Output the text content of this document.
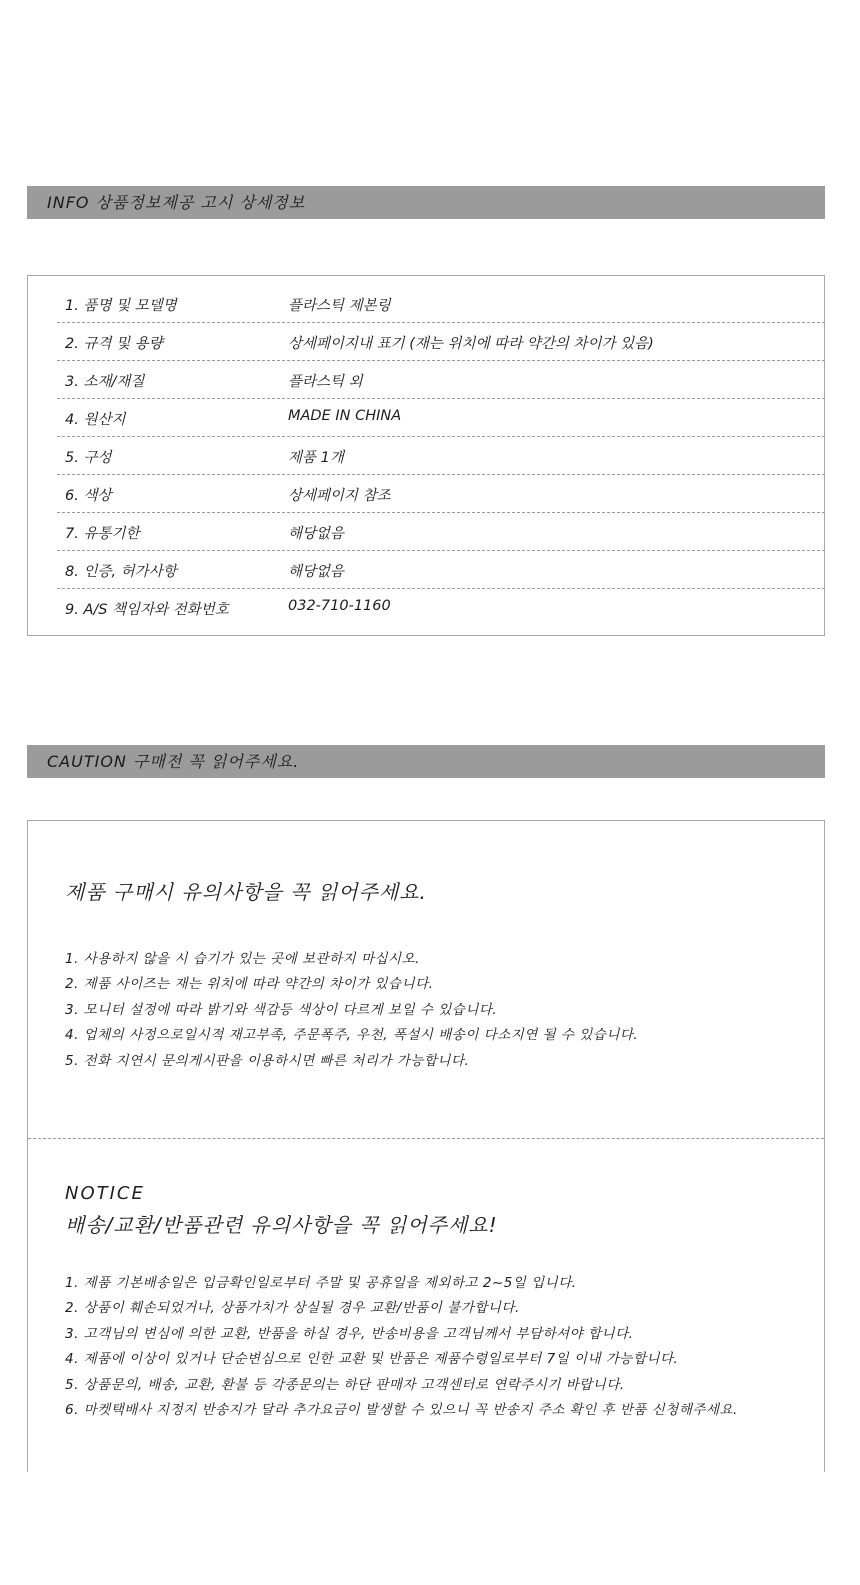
INFO 상품정보제공 고시 상세정보
1. 품명 및 모델명	플라스틱 제본링
2. 규격 및 용량	상세페이지내 표기 (재는 위치에 따라 약간의 차이가 있음)
3. 소재/재질	플라스틱 외
4. 원산지	MADE IN CHINA
5. 구성	제품 1개
6. 색상	상세페이지 참조
7. 유통기한	해당없음
8. 인증, 허가사항	해당없음
9. A/S 책임자와 전화번호	032-710-1160
CAUTION 구매전 꼭 읽어주세요.
제품 구매시 유의사항을 꼭 읽어주세요.
1. 사용하지 않을 시 습기가 있는 곳에 보관하지 마십시오.
2. 제품 사이즈는 재는 위치에 따라 약간의 차이가 있습니다.
3. 모니터 설정에 따라 밝기와 색감등 색상이 다르게 보일 수 있습니다.
4. 업체의 사정으로일시적 재고부족, 주문폭주, 우천, 폭설시 배송이 다소지연 될 수 있습니다.
5. 전화 지연시 문의게시판을 이용하시면 빠른 처리가 가능합니다.
NOTICE
배송/교환/반품관련 유의사항을 꼭 읽어주세요!
1. 제품 기본배송일은 입금확인일로부터 주말 및 공휴일을 제외하고 2~5일 입니다.
2. 상품이 훼손되었거나, 상품가치가 상실될 경우 교환/반품이 불가합니다.
3. 고객님의 변심에 의한 교환, 반품을 하실 경우, 반송비용을 고객님께서 부담하셔야 합니다.
4. 제품에 이상이 있거나 단순변심으로 인한 교환 및 반품은 제품수령일로부터 7일 이내 가능합니다.
5. 상품문의, 배송, 교환, 환불 등 각종문의는 하단 판매자 고객센터로 연락주시기 바랍니다.
6. 마켓택배사 지정지 반송지가 달라 추가요금이 발생할 수 있으니 꼭 반송지 주소 확인 후 반품 신청해주세요.
